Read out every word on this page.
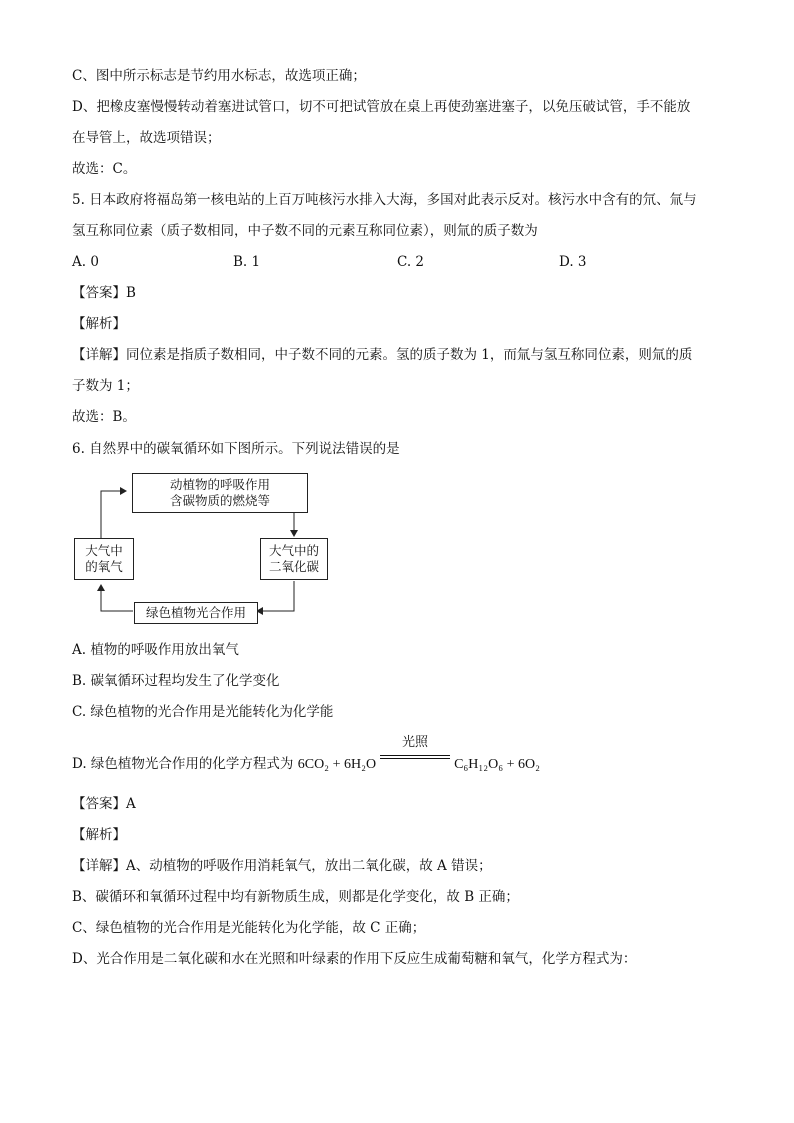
C、图中所示标志是节约用水标志，故选项正确；
D、把橡皮塞慢慢转动着塞进试管口，切不可把试管放在桌上再使劲塞进塞子，以免压破试管，手不能放
在导管上，故选项错误；
故选：C。
5. 日本政府将福岛第一核电站的上百万吨核污水排入大海，多国对此表示反对。核污水中含有的氘、氚与
氢互称同位素（质子数相同，中子数不同的元素互称同位素），则氚的质子数为
A. 0	B. 1	C. 2	D. 3
【答案】B
【解析】
【详解】同位素是指质子数相同，中子数不同的元素。氢的质子数为 1，而氚与氢互称同位素，则氚的质
子数为 1；
故选：B。
6. 自然界中的碳氧循环如下图所示。下列说法错误的是
动植物的呼吸作用
含碳物质的燃烧等
大气中
的氧气
大气中的
二氧化碳
绿色植物光合作用
A. 植物的呼吸作用放出氧气
B. 碳氧循环过程均发生了化学变化
C. 绿色植物的光合作用是光能转化为化学能
D. 绿色植物光合作用的化学方程式为 6CO₂ + 6H₂O
光照
C₆H₁₂O₆ + 6O₂
【答案】A
【解析】
【详解】A、动植物的呼吸作用消耗氧气，放出二氧化碳，故 A 错误；
B、碳循环和氧循环过程中均有新物质生成，则都是化学变化，故 B 正确；
C、绿色植物的光合作用是光能转化为化学能，故 C 正确；
D、光合作用是二氧化碳和水在光照和叶绿素的作用下反应生成葡萄糖和氧气，化学方程式为：
